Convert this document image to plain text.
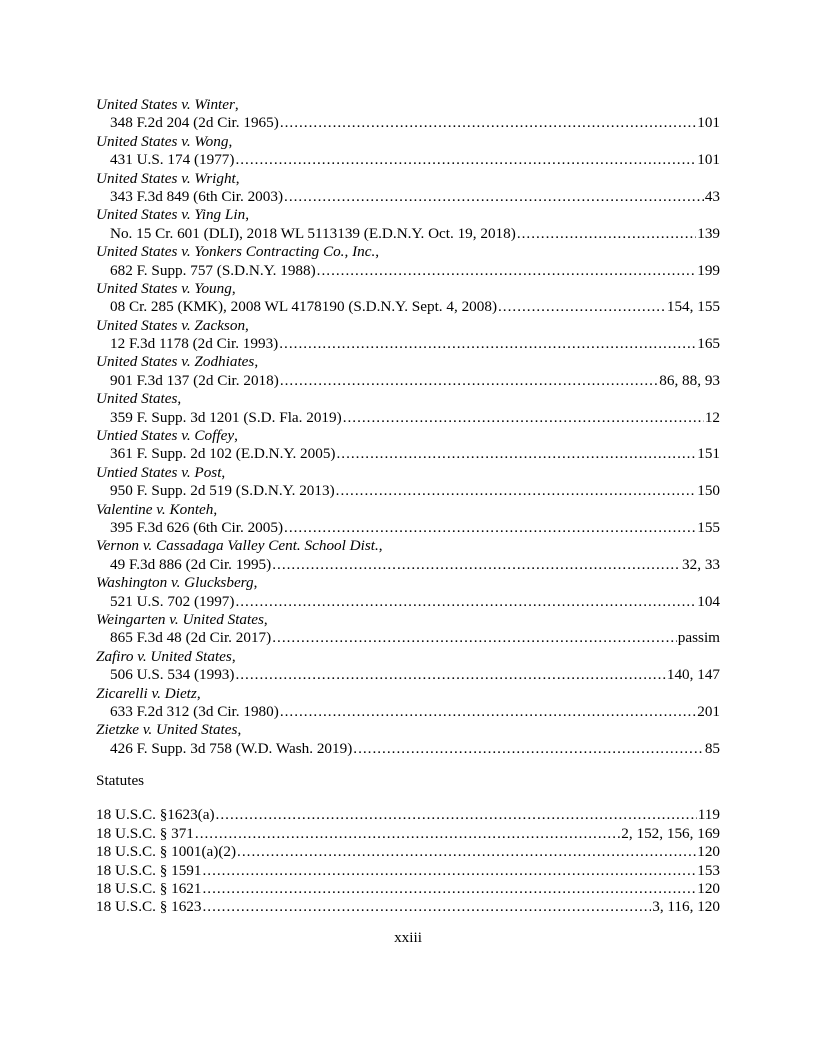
United States v. Winter,
348 F.2d 204 (2d Cir. 1965) .....	101
United States v. Wong,
431 U.S. 174 (1977) .....	101
United States v. Wright,
343 F.3d 849 (6th Cir. 2003) .....	43
United States v. Ying Lin,
No. 15 Cr. 601 (DLI), 2018 WL 5113139 (E.D.N.Y. Oct. 19, 2018) .....	139
United States v. Yonkers Contracting Co., Inc.,
682 F. Supp. 757 (S.D.N.Y. 1988) .....	199
United States v. Young,
08 Cr. 285 (KMK), 2008 WL 4178190 (S.D.N.Y. Sept. 4, 2008) .....	154, 155
United States v. Zackson,
12 F.3d 1178 (2d Cir. 1993) .....	165
United States v. Zodhiates,
901 F.3d 137 (2d Cir. 2018) .....	86, 88, 93
United States,
359 F. Supp. 3d 1201 (S.D. Fla. 2019) .....	12
Untied States v. Coffey,
361 F. Supp. 2d 102 (E.D.N.Y. 2005) .....	151
Untied States v. Post,
950 F. Supp. 2d 519 (S.D.N.Y. 2013) .....	150
Valentine v. Konteh,
395 F.3d 626 (6th Cir. 2005) .....	155
Vernon v. Cassadaga Valley Cent. School Dist.,
49 F.3d 886 (2d Cir. 1995) .....	32, 33
Washington v. Glucksberg,
521 U.S. 702 (1997) .....	104
Weingarten v. United States,
865 F.3d 48 (2d Cir. 2017) .....	passim
Zafiro v. United States,
506 U.S. 534 (1993) .....	140, 147
Zicarelli v. Dietz,
633 F.2d 312 (3d Cir. 1980) .....	201
Zietzke v. United States,
426 F. Supp. 3d 758 (W.D. Wash. 2019) .....	85
Statutes
18 U.S.C. §1623(a) .....	119
18 U.S.C. § 371 .....	2, 152, 156, 169
18 U.S.C. § 1001(a)(2) .....	120
18 U.S.C. § 1591 .....	153
18 U.S.C. § 1621 .....	120
18 U.S.C. § 1623 .....	3, 116, 120
xxiii
